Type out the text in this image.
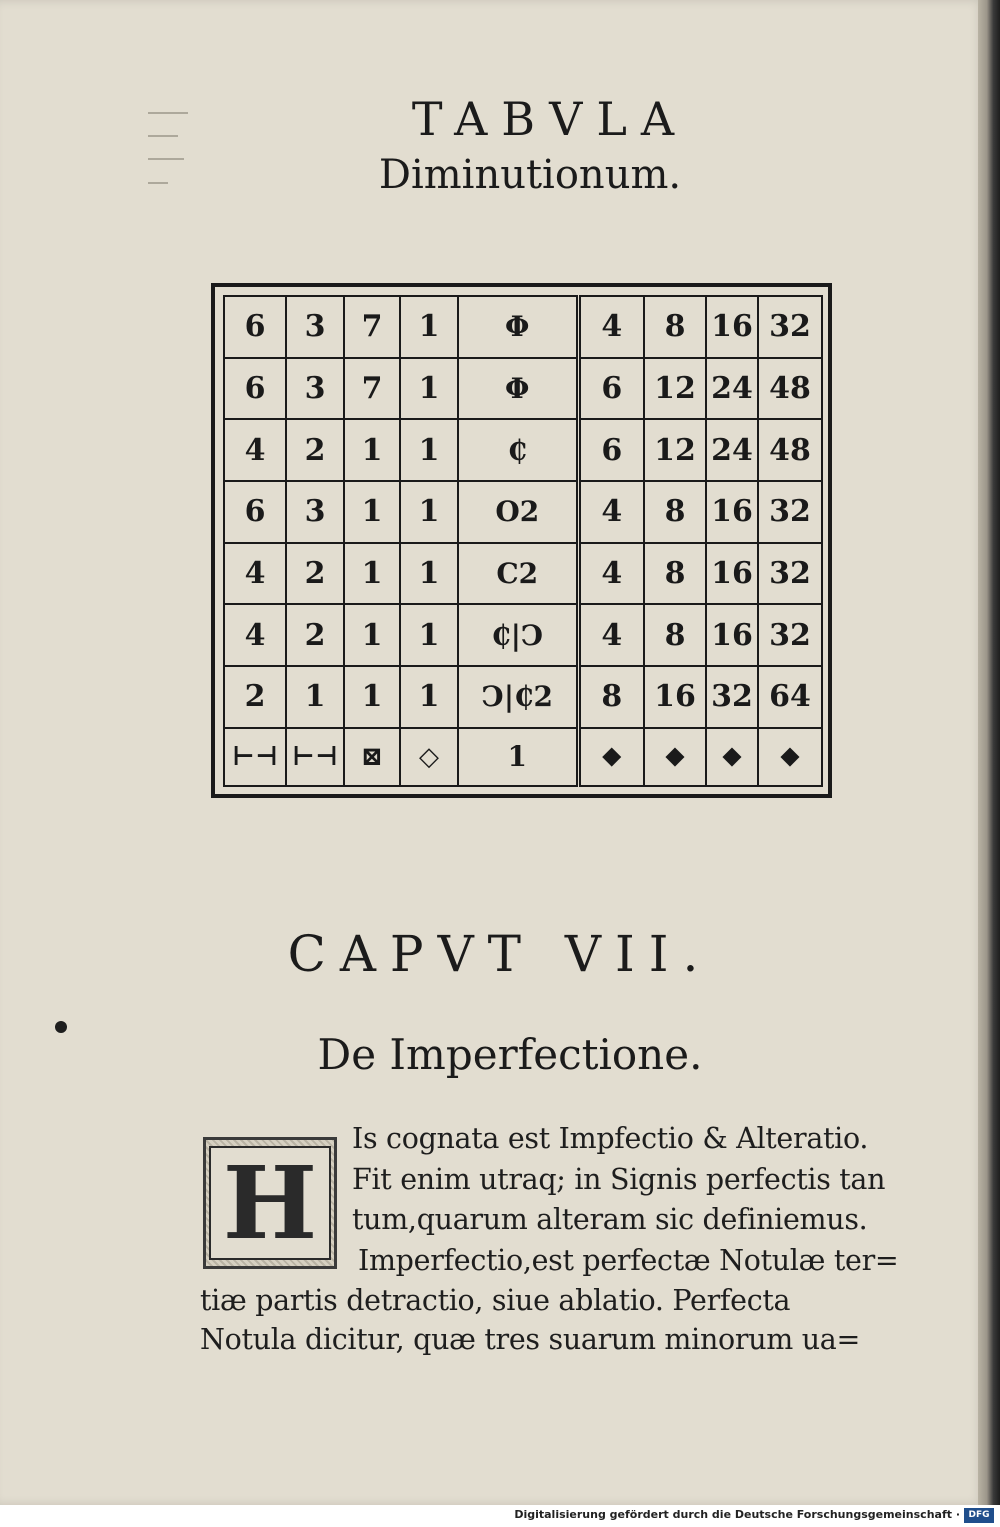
TABVLA
Diminutionum.
6	3	7	1	Φ	4	8	16	32
6	3	7	1	Φ	6	12	24	48
4	2	1	1	₵	6	12	24	48
6	3	1	1	O2	4	8	16	32
4	2	1	1	C2	4	8	16	32
4	2	1	1	₵|Ↄ	4	8	16	32
2	1	1	1	Ↄ|₵2	8	16	32	64
⊢⊣	⊢⊣	⊠	◇	1	⬥	⬥	⬥	⬥
CAPVT VII.
De Imperfectione.
H
Is cognata est Impfectio & Alteratio.
Fit enim utraq; in Signis perfectis tan
tum,quarum alteram sic definiemus.
Imperfectio,est perfectæ Notulæ ter=
tiæ partis detractio, siue ablatio. Perfecta
Notula dicitur, quæ tres suarum minorum ua=
Digitalisierung gefördert durch die Deutsche Forschungsgemeinschaft · DFG
